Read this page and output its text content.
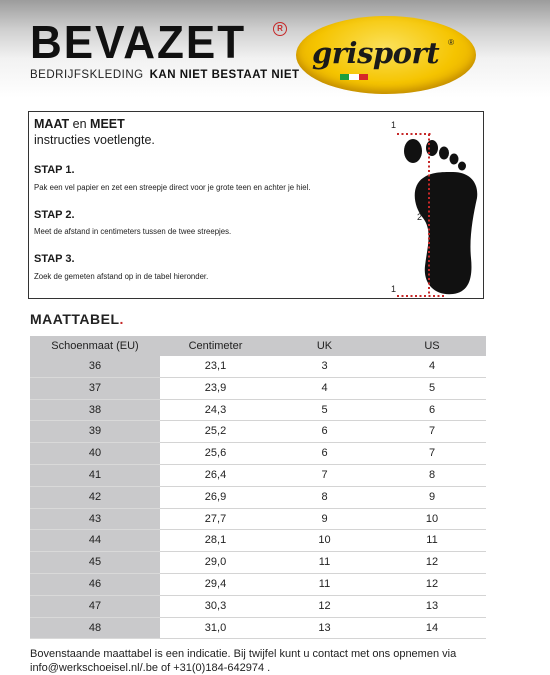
BEVAZET	R
BEDRIJFSKLEDING KAN NIET BESTAAT NIET
grisport ®
MAAT en MEET
instructies voetlengte.
STAP 1.
Pak een vel papier en zet een streepje direct voor je grote teen en achter je hiel.
STAP 2.
Meet de afstand in centimeters tussen de twee streepjes.
STAP 3.
Zoek de gemeten afstand op in de tabel hieronder.
1
2
1
MAATTABEL.
Schoenmaat (EU)	Centimeter	UK	US
36	23,1	3	4
37	23,9	4	5
38	24,3	5	6
39	25,2	6	7
40	25,6	6	7
41	26,4	7	8
42	26,9	8	9
43	27,7	9	10
44	28,1	10	11
45	29,0	11	12
46	29,4	11	12
47	30,3	12	13
48	31,0	13	14
Bovenstaande maattabel is een indicatie. Bij twijfel kunt u contact met ons opnemen via
info@werkschoeisel.nl/.be of +31(0)184-642974 .
